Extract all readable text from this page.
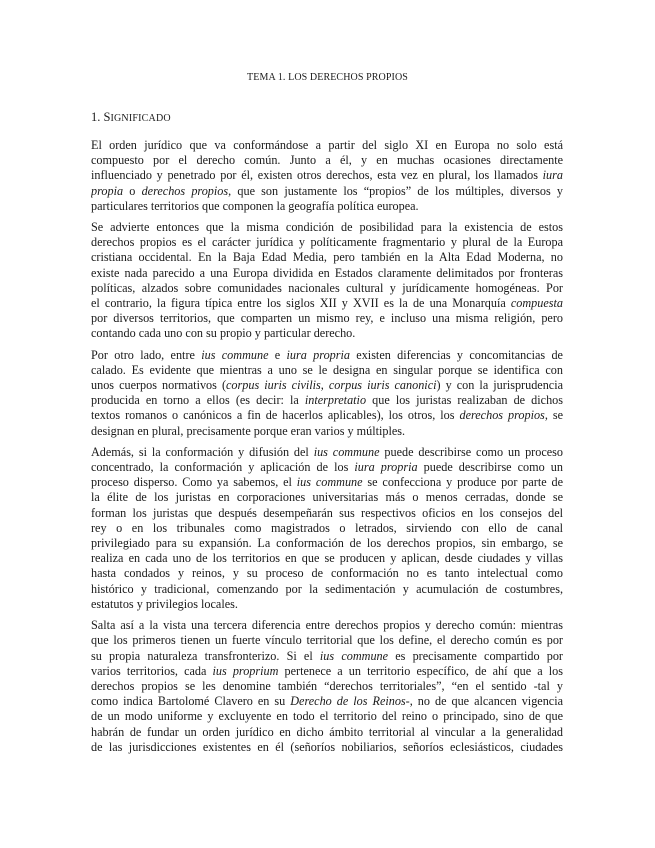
TEMA 1. LOS DERECHOS PROPIOS
1. SIGNIFICADO

El orden jurídico que va conformándose a partir del siglo XI en Europa no solo está
compuesto por el derecho común. Junto a él, y en muchas ocasiones directamente
influenciado y penetrado por él, existen otros derechos, esta vez en plural, los llamados iura
propia o derechos propios, que son justamente los “propios” de los múltiples, diversos y
particulares territorios que componen la geografía política europea.

Se advierte entonces que la misma condición de posibilidad para la existencia de estos
derechos propios es el carácter jurídica y políticamente fragmentario y plural de la Europa
cristiana occidental. En la Baja Edad Media, pero también en la Alta Edad Moderna, no
existe nada parecido a una Europa dividida en Estados claramente delimitados por fronteras
políticas, alzados sobre comunidades nacionales cultural y jurídicamente homogéneas. Por
el contrario, la figura típica entre los siglos XII y XVII es la de una Monarquía compuesta
por diversos territorios, que comparten un mismo rey, e incluso una misma religión, pero
contando cada uno con su propio y particular derecho.

Por otro lado, entre ius commune e iura propria existen diferencias y concomitancias de
calado. Es evidente que mientras a uno se le designa en singular porque se identifica con
unos cuerpos normativos (corpus iuris civilis, corpus iuris canonici) y con la jurisprudencia
producida en torno a ellos (es decir: la interpretatio que los juristas realizaban de dichos
textos romanos o canónicos a fin de hacerlos aplicables), los otros, los derechos propios, se
designan en plural, precisamente porque eran varios y múltiples.

Además, si la conformación y difusión del ius commune puede describirse como un proceso
concentrado, la conformación y aplicación de los iura propria puede describirse como un
proceso disperso. Como ya sabemos, el ius commune se confecciona y produce por parte de
la élite de los juristas en corporaciones universitarias más o menos cerradas, donde se
forman los juristas que después desempeñarán sus respectivos oficios en los consejos del
rey o en los tribunales como magistrados o letrados, sirviendo con ello de canal
privilegiado para su expansión. La conformación de los derechos propios, sin embargo, se
realiza en cada uno de los territorios en que se producen y aplican, desde ciudades y villas
hasta condados y reinos, y su proceso de conformación no es tanto intelectual como
histórico y tradicional, comenzando por la sedimentación y acumulación de costumbres,
estatutos y privilegios locales.

Salta así a la vista una tercera diferencia entre derechos propios y derecho común: mientras
que los primeros tienen un fuerte vínculo territorial que los define, el derecho común es por
su propia naturaleza transfronterizo. Si el ius commune es precisamente compartido por
varios territorios, cada ius proprium pertenece a un territorio específico, de ahí que a los
derechos propios se les denomine también “derechos territoriales”, “en el sentido -tal y
como indica Bartolomé Clavero en su Derecho de los Reinos-, no de que alcancen vigencia
de un modo uniforme y excluyente en todo el territorio del reino o principado, sino de que
habrán de fundar un orden jurídico en dicho ámbito territorial al vincular a la generalidad
de las jurisdicciones existentes en él (señoríos nobiliarios, señoríos eclesiásticos, ciudades
